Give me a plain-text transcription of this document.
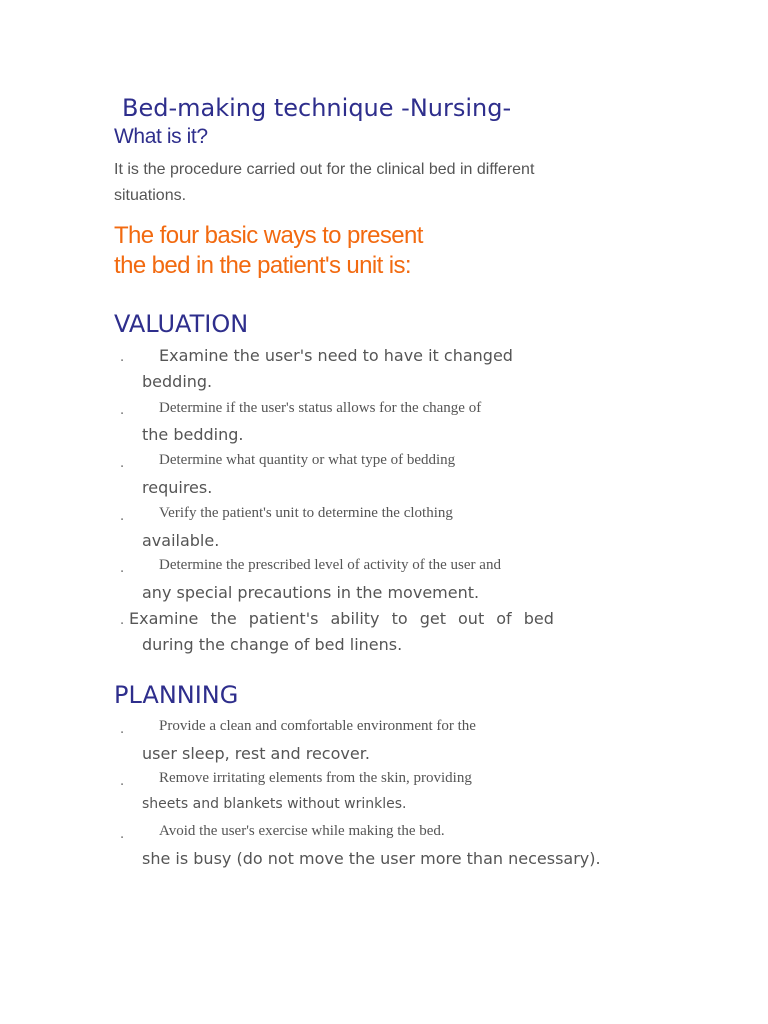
Bed-making technique -Nursing-
What is it?
It is the procedure carried out for the clinical bed in different
situations.
The four basic ways to present
the bed in the patient's unit is:
VALUATION
. Examine the user's need to have it changed
bedding.
. Determine if the user's status allows for the change of
the bedding.
. Determine what quantity or what type of bedding
requires.
. Verify the patient's unit to determine the clothing
available.
. Determine the prescribed level of activity of the user and
any special precautions in the movement.
. Examine the patient's ability to get out of bed
during the change of bed linens.
PLANNING
. Provide a clean and comfortable environment for the
user sleep, rest and recover.
. Remove irritating elements from the skin, providing
sheets and blankets without wrinkles.
. Avoid the user's exercise while making the bed.
she is busy (do not move the user more than necessary).
